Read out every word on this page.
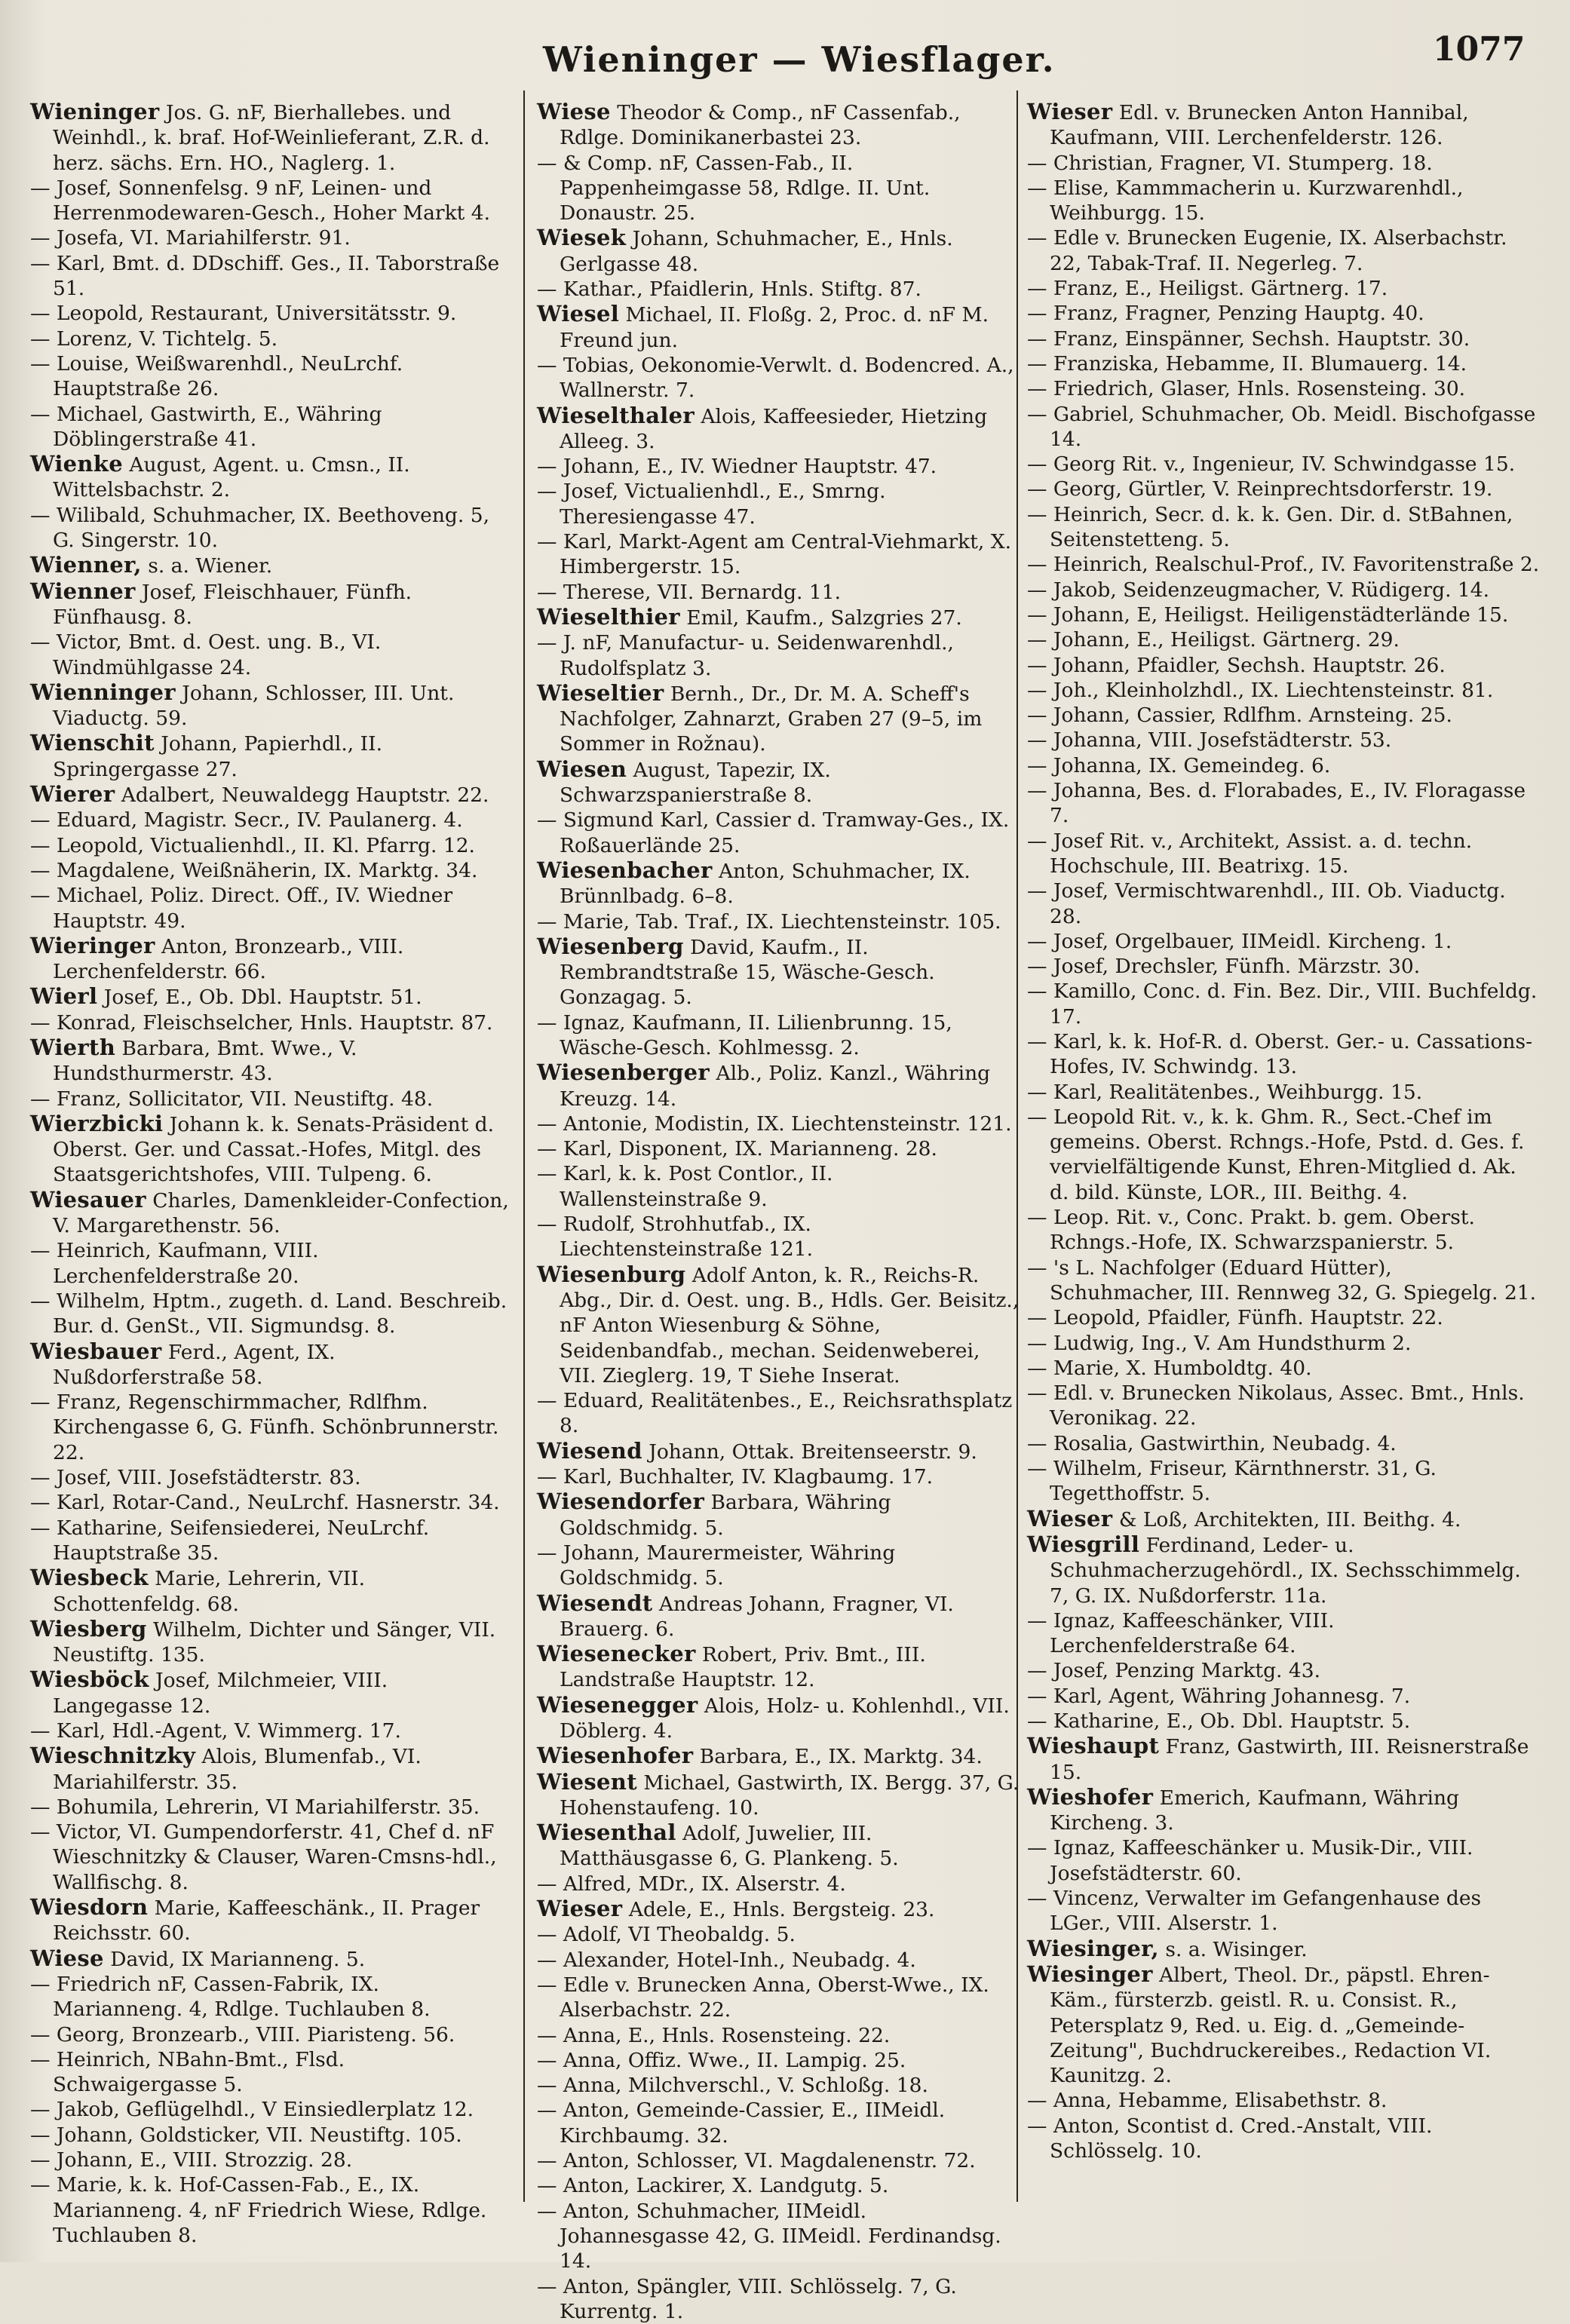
Wieninger — Wiesflager.	1077
Wieninger Jos. G. nF, Bierhallebes. und Weinhdl., k. braf. Hof-Weinlieferant, Z.R. d. herz. sächs. Ern. HO., Naglerg. 1.
— Josef, Sonnenfelsg. 9 nF, Leinen- und Herrenmodewaren-Gesch., Hoher Markt 4.
— Josefa, VI. Mariahilferstr. 91.
— Karl, Bmt. d. DDschiff. Ges., II. Taborstraße 51.
— Leopold, Restaurant, Universitätsstr. 9.
— Lorenz, V. Tichtelg. 5.
— Louise, Weißwarenhdl., NeuLrchf. Hauptstraße 26.
— Michael, Gastwirth, E., Währing Döblingerstraße 41.
Wienke August, Agent. u. Cmsn., II. Wittelsbachstr. 2.
— Wilibald, Schuhmacher, IX. Beethoveng. 5, G. Singerstr. 10.
Wienner, s. a. Wiener.
Wienner Josef, Fleischhauer, Fünfh. Fünfhausg. 8.
— Victor, Bmt. d. Oest. ung. B., VI. Windmühlgasse 24.
Wienninger Johann, Schlosser, III. Unt. Viaductg. 59.
Wienschit Johann, Papierhdl., II. Springergasse 27.
Wierer Adalbert, Neuwaldegg Hauptstr. 22.
— Eduard, Magistr. Secr., IV. Paulanerg. 4.
— Leopold, Victualienhdl., II. Kl. Pfarrg. 12.
— Magdalene, Weißnäherin, IX. Marktg. 34.
— Michael, Poliz. Direct. Off., IV. Wiedner Hauptstr. 49.
Wieringer Anton, Bronzearb., VIII. Lerchenfelderstr. 66.
Wierl Josef, E., Ob. Dbl. Hauptstr. 51.
— Konrad, Fleischselcher, Hnls. Hauptstr. 87.
Wierth Barbara, Bmt. Wwe., V. Hundsthurmerstr. 43.
— Franz, Sollicitator, VII. Neustiftg. 48.
Wierzbicki Johann k. k. Senats-Präsident d. Oberst. Ger. und Cassat.-Hofes, Mitgl. des Staatsgerichtshofes, VIII. Tulpeng. 6.
Wiesauer Charles, Damenkleider-Confection, V. Margarethenstr. 56.
— Heinrich, Kaufmann, VIII. Lerchenfelderstraße 20.
— Wilhelm, Hptm., zugeth. d. Land. Beschreib. Bur. d. GenSt., VII. Sigmundsg. 8.
Wiesbauer Ferd., Agent, IX. Nußdorferstraße 58.
— Franz, Regenschirmmacher, Rdlfhm. Kirchengasse 6, G. Fünfh. Schönbrunnerstr. 22.
— Josef, VIII. Josefstädterstr. 83.
— Karl, Rotar-Cand., NeuLrchf. Hasnerstr. 34.
— Katharine, Seifensiederei, NeuLrchf. Hauptstraße 35.
Wiesbeck Marie, Lehrerin, VII. Schottenfeldg. 68.
Wiesberg Wilhelm, Dichter und Sänger, VII. Neustiftg. 135.
Wiesböck Josef, Milchmeier, VIII. Langegasse 12.
— Karl, Hdl.-Agent, V. Wimmerg. 17.
Wieschnitzky Alois, Blumenfab., VI. Mariahilferstr. 35.
— Bohumila, Lehrerin, VI Mariahilferstr. 35.
— Victor, VI. Gumpendorferstr. 41, Chef d. nF Wieschnitzky & Clauser, Waren-Cmsns-hdl., Wallfischg. 8.
Wiesdorn Marie, Kaffeeschänk., II. Prager Reichsstr. 60.
Wiese David, IX Marianneng. 5.
— Friedrich nF, Cassen-Fabrik, IX. Marianneng. 4, Rdlge. Tuchlauben 8.
— Georg, Bronzearb., VIII. Piaristeng. 56.
— Heinrich, NBahn-Bmt., Flsd. Schwaigergasse 5.
— Jakob, Geflügelhdl., V Einsiedlerplatz 12.
— Johann, Goldsticker, VII. Neustiftg. 105.
— Johann, E., VIII. Strozzig. 28.
— Marie, k. k. Hof-Cassen-Fab., E., IX. Marianneng. 4, nF Friedrich Wiese, Rdlge. Tuchlauben 8.
Wiese Theodor & Comp., nF Cassenfab., Rdlge. Dominikanerbastei 23.
— & Comp. nF, Cassen-Fab., II. Pappenheimgasse 58, Rdlge. II. Unt. Donaustr. 25.
Wiesek Johann, Schuhmacher, E., Hnls. Gerlgasse 48.
— Kathar., Pfaidlerin, Hnls. Stiftg. 87.
Wiesel Michael, II. Floßg. 2, Proc. d. nF M. Freund jun.
— Tobias, Oekonomie-Verwlt. d. Bodencred. A., Wallnerstr. 7.
Wieselthaler Alois, Kaffeesieder, Hietzing Alleeg. 3.
— Johann, E., IV. Wiedner Hauptstr. 47.
— Josef, Victualienhdl., E., Smrng. Theresiengasse 47.
— Karl, Markt-Agent am Central-Viehmarkt, X. Himbergerstr. 15.
— Therese, VII. Bernardg. 11.
Wieselthier Emil, Kaufm., Salzgries 27.
— J. nF, Manufactur- u. Seidenwarenhdl., Rudolfsplatz 3.
Wieseltier Bernh., Dr., Dr. M. A. Scheff's Nachfolger, Zahnarzt, Graben 27 (9–5, im Sommer in Rožnau).
Wiesen August, Tapezir, IX. Schwarzspanierstraße 8.
— Sigmund Karl, Cassier d. Tramway-Ges., IX. Roßauerlände 25.
Wiesenbacher Anton, Schuhmacher, IX. Brünnlbadg. 6–8.
— Marie, Tab. Traf., IX. Liechtensteinstr. 105.
Wiesenberg David, Kaufm., II. Rembrandtstraße 15, Wäsche-Gesch. Gonzagag. 5.
— Ignaz, Kaufmann, II. Lilienbrunng. 15, Wäsche-Gesch. Kohlmessg. 2.
Wiesenberger Alb., Poliz. Kanzl., Währing Kreuzg. 14.
— Antonie, Modistin, IX. Liechtensteinstr. 121.
— Karl, Disponent, IX. Marianneng. 28.
— Karl, k. k. Post Contlor., II. Wallensteinstraße 9.
— Rudolf, Strohhutfab., IX. Liechtensteinstraße 121.
Wiesenburg Adolf Anton, k. R., Reichs-R. Abg., Dir. d. Oest. ung. B., Hdls. Ger. Beisitz., nF Anton Wiesenburg & Söhne, Seidenbandfab., mechan. Seidenweberei, VII. Zieglerg. 19, T Siehe Inserat.
— Eduard, Realitätenbes., E., Reichsrathsplatz 8.
Wiesend Johann, Ottak. Breitenseerstr. 9.
— Karl, Buchhalter, IV. Klagbaumg. 17.
Wiesendorfer Barbara, Währing Goldschmidg. 5.
— Johann, Maurermeister, Währing Goldschmidg. 5.
Wiesendt Andreas Johann, Fragner, VI. Brauerg. 6.
Wiesenecker Robert, Priv. Bmt., III. Landstraße Hauptstr. 12.
Wiesenegger Alois, Holz- u. Kohlenhdl., VII. Döblerg. 4.
Wiesenhofer Barbara, E., IX. Marktg. 34.
Wiesent Michael, Gastwirth, IX. Bergg. 37, G. Hohenstaufeng. 10.
Wiesenthal Adolf, Juwelier, III. Matthäusgasse 6, G. Plankeng. 5.
— Alfred, MDr., IX. Alserstr. 4.
Wieser Adele, E., Hnls. Bergsteig. 23.
— Adolf, VI Theobaldg. 5.
— Alexander, Hotel-Inh., Neubadg. 4.
— Edle v. Brunecken Anna, Oberst-Wwe., IX. Alserbachstr. 22.
— Anna, E., Hnls. Rosensteing. 22.
— Anna, Offiz. Wwe., II. Lampig. 25.
— Anna, Milchverschl., V. Schloßg. 18.
— Anton, Gemeinde-Cassier, E., IIMeidl. Kirchbaumg. 32.
— Anton, Schlosser, VI. Magdalenenstr. 72.
— Anton, Lackirer, X. Landgutg. 5.
— Anton, Schuhmacher, IIMeidl. Johannesgasse 42, G. IIMeidl. Ferdinandsg. 14.
— Anton, Spängler, VIII. Schlösselg. 7, G. Kurrentg. 1.
Wieser Edl. v. Brunecken Anton Hannibal, Kaufmann, VIII. Lerchenfelderstr. 126.
— Christian, Fragner, VI. Stumperg. 18.
— Elise, Kammmacherin u. Kurzwarenhdl., Weihburgg. 15.
— Edle v. Brunecken Eugenie, IX. Alserbachstr. 22, Tabak-Traf. II. Negerleg. 7.
— Franz, E., Heiligst. Gärtnerg. 17.
— Franz, Fragner, Penzing Hauptg. 40.
— Franz, Einspänner, Sechsh. Hauptstr. 30.
— Franziska, Hebamme, II. Blumauerg. 14.
— Friedrich, Glaser, Hnls. Rosensteing. 30.
— Gabriel, Schuhmacher, Ob. Meidl. Bischofgasse 14.
— Georg Rit. v., Ingenieur, IV. Schwindgasse 15.
— Georg, Gürtler, V. Reinprechtsdorferstr. 19.
— Heinrich, Secr. d. k. k. Gen. Dir. d. StBahnen, Seitenstetteng. 5.
— Heinrich, Realschul-Prof., IV. Favoritenstraße 2.
— Jakob, Seidenzeugmacher, V. Rüdigerg. 14.
— Johann, E, Heiligst. Heiligenstädterlände 15.
— Johann, E., Heiligst. Gärtnerg. 29.
— Johann, Pfaidler, Sechsh. Hauptstr. 26.
— Joh., Kleinholzhdl., IX. Liechtensteinstr. 81.
— Johann, Cassier, Rdlfhm. Arnsteing. 25.
— Johanna, VIII. Josefstädterstr. 53.
— Johanna, IX. Gemeindeg. 6.
— Johanna, Bes. d. Florabades, E., IV. Floragasse 7.
— Josef Rit. v., Architekt, Assist. a. d. techn. Hochschule, III. Beatrixg. 15.
— Josef, Vermischtwarenhdl., III. Ob. Viaductg. 28.
— Josef, Orgelbauer, IIMeidl. Kircheng. 1.
— Josef, Drechsler, Fünfh. Märzstr. 30.
— Kamillo, Conc. d. Fin. Bez. Dir., VIII. Buchfeldg. 17.
— Karl, k. k. Hof-R. d. Oberst. Ger.- u. Cassations-Hofes, IV. Schwindg. 13.
— Karl, Realitätenbes., Weihburgg. 15.
— Leopold Rit. v., k. k. Ghm. R., Sect.-Chef im gemeins. Oberst. Rchngs.-Hofe, Pstd. d. Ges. f. vervielfältigende Kunst, Ehren-Mitglied d. Ak. d. bild. Künste, LOR., III. Beithg. 4.
— Leop. Rit. v., Conc. Prakt. b. gem. Oberst. Rchngs.-Hofe, IX. Schwarzspanierstr. 5.
— 's L. Nachfolger (Eduard Hütter), Schuhmacher, III. Rennweg 32, G. Spiegelg. 21.
— Leopold, Pfaidler, Fünfh. Hauptstr. 22.
— Ludwig, Ing., V. Am Hundsthurm 2.
— Marie, X. Humboldtg. 40.
— Edl. v. Brunecken Nikolaus, Assec. Bmt., Hnls. Veronikag. 22.
— Rosalia, Gastwirthin, Neubadg. 4.
— Wilhelm, Friseur, Kärnthnerstr. 31, G. Tegetthoffstr. 5.
Wieser & Loß, Architekten, III. Beithg. 4.
Wiesgrill Ferdinand, Leder- u. Schuhmacherzugehördl., IX. Sechsschimmelg. 7, G. IX. Nußdorferstr. 11a.
— Ignaz, Kaffeeschänker, VIII. Lerchenfelderstraße 64.
— Josef, Penzing Marktg. 43.
— Karl, Agent, Währing Johannesg. 7.
— Katharine, E., Ob. Dbl. Hauptstr. 5.
Wieshaupt Franz, Gastwirth, III. Reisnerstraße 15.
Wieshofer Emerich, Kaufmann, Währing Kircheng. 3.
— Ignaz, Kaffeeschänker u. Musik-Dir., VIII. Josefstädterstr. 60.
— Vincenz, Verwalter im Gefangenhause des LGer., VIII. Alserstr. 1.
Wiesinger, s. a. Wisinger.
Wiesinger Albert, Theol. Dr., päpstl. Ehren-Käm., fürsterzb. geistl. R. u. Consist. R., Petersplatz 9, Red. u. Eig. d. „Gemeinde-Zeitung", Buchdruckereibes., Redaction VI. Kaunitzg. 2.
— Anna, Hebamme, Elisabethstr. 8.
— Anton, Scontist d. Cred.-Anstalt, VIII. Schlösselg. 10.
